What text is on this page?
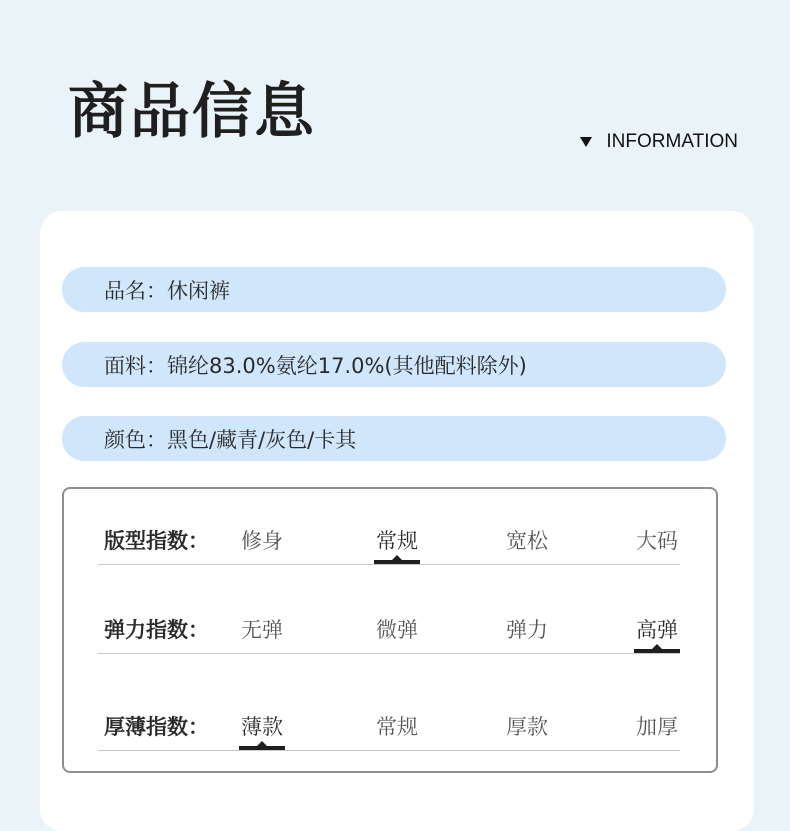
商品信息	INFORMATION
品名：休闲裤
面料：锦纶83.0%氨纶17.0%(其他配料除外)
颜色：黑色/藏青/灰色/卡其
版型指数：	修身	常规	宽松	大码
弹力指数：	无弹	微弹	弹力	高弹
厚薄指数：	薄款	常规	厚款	加厚
